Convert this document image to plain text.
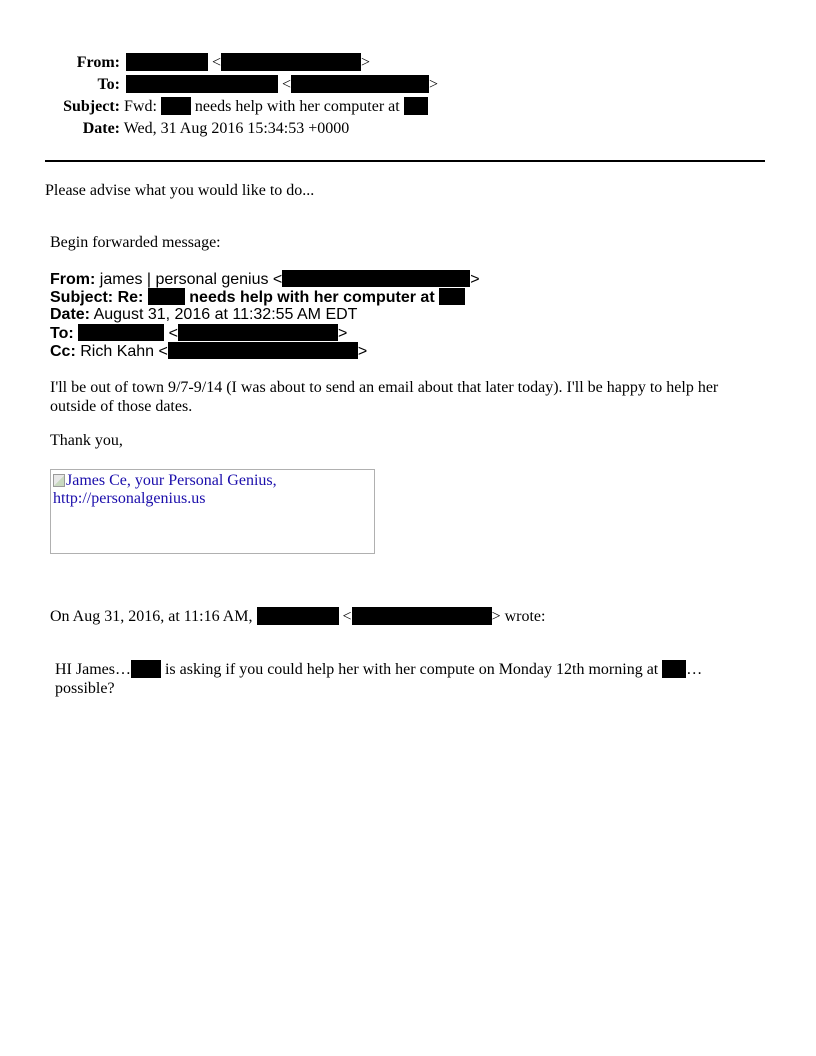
From:	<	>
To:	<	>
Subject: Fwd: needs help with her computer at
Date: Wed, 31 Aug 2016 15:34:53 +0000
Please advise what you would like to do...
Begin forwarded message:
From: james | personal genius <	>
Subject: Re:	needs help with her computer at
Date: August 31, 2016 at 11:32:55 AM EDT
To:	<	>
Cc: Rich Kahn <	>
I'll be out of town 9/7-9/14 (I was about to send an email about that later today). I'll be happy to help her outside of those dates.
Thank you,
James Ce, your Personal Genius, http://personalgenius.us
On Aug 31, 2016, at 11:16 AM,	<	> wrote:
HI James… is asking if you could help her with her compute on Monday 12th morning at …
possible?
